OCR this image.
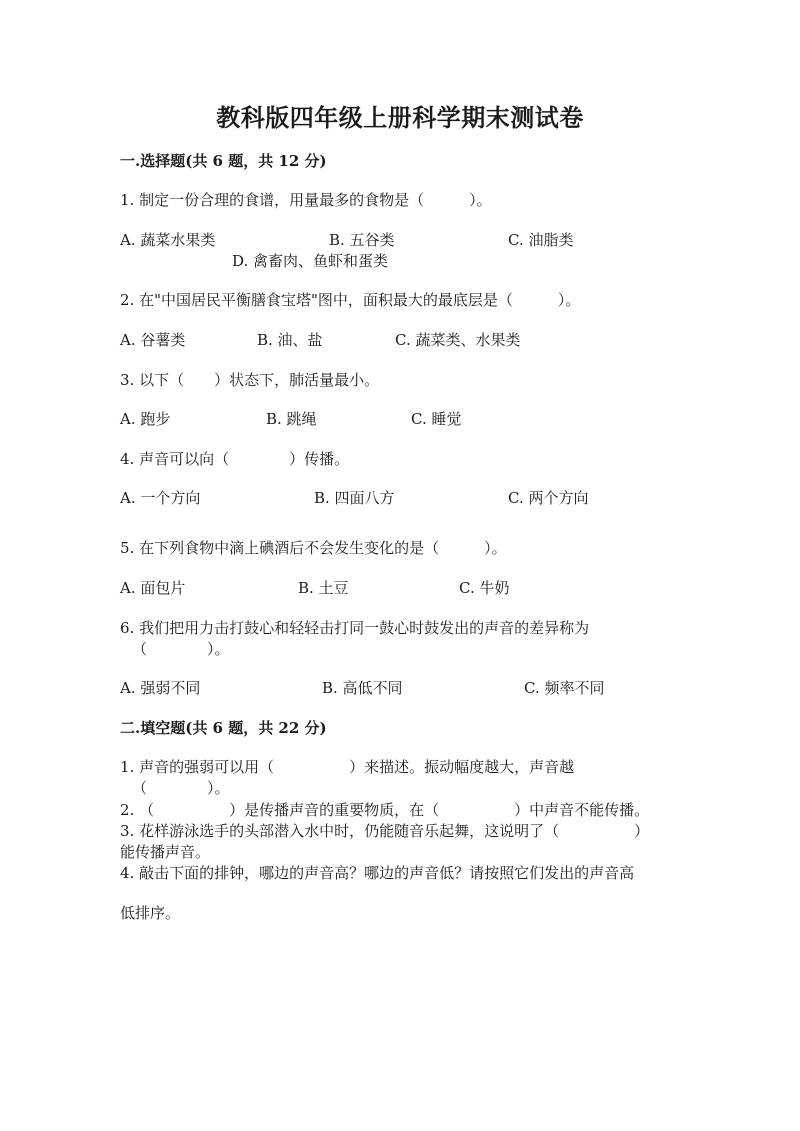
教科版四年级上册科学期末测试卷
一.选择题(共 6 题，共 12 分)
1. 制定一份合理的食谱，用量最多的食物是（　　　）。
A. 蔬菜水果类	B. 五谷类	C. 油脂类
D. 禽畜肉、鱼虾和蛋类
2. 在"中国居民平衡膳食宝塔"图中，面积最大的最底层是（　　　）。
A. 谷薯类	B. 油、盐	C. 蔬菜类、水果类
3. 以下（　　）状态下，肺活量最小。
A. 跑步	B. 跳绳	C. 睡觉
4. 声音可以向（　　　　）传播。
A. 一个方向	B. 四面八方	C. 两个方向
5. 在下列食物中滴上碘酒后不会发生变化的是（　　　）。
A. 面包片	B. 土豆	C. 牛奶
6. 我们把用力击打鼓心和轻轻击打同一鼓心时鼓发出的声音的差异称为
（　　　　）。
A. 强弱不同	B. 高低不同	C. 频率不同
二.填空题(共 6 题，共 22 分)
1. 声音的强弱可以用（　　　　　）来描述。振动幅度越大，声音越
（　　　　）。
2. （　　　　　）是传播声音的重要物质，在（　　　　　）中声音不能传播。
3. 花样游泳选手的头部潜入水中时，仍能随音乐起舞，这说明了（　　　　　）
能传播声音。
4. 敲击下面的排钟，哪边的声音高？哪边的声音低？请按照它们发出的声音高
低排序。
